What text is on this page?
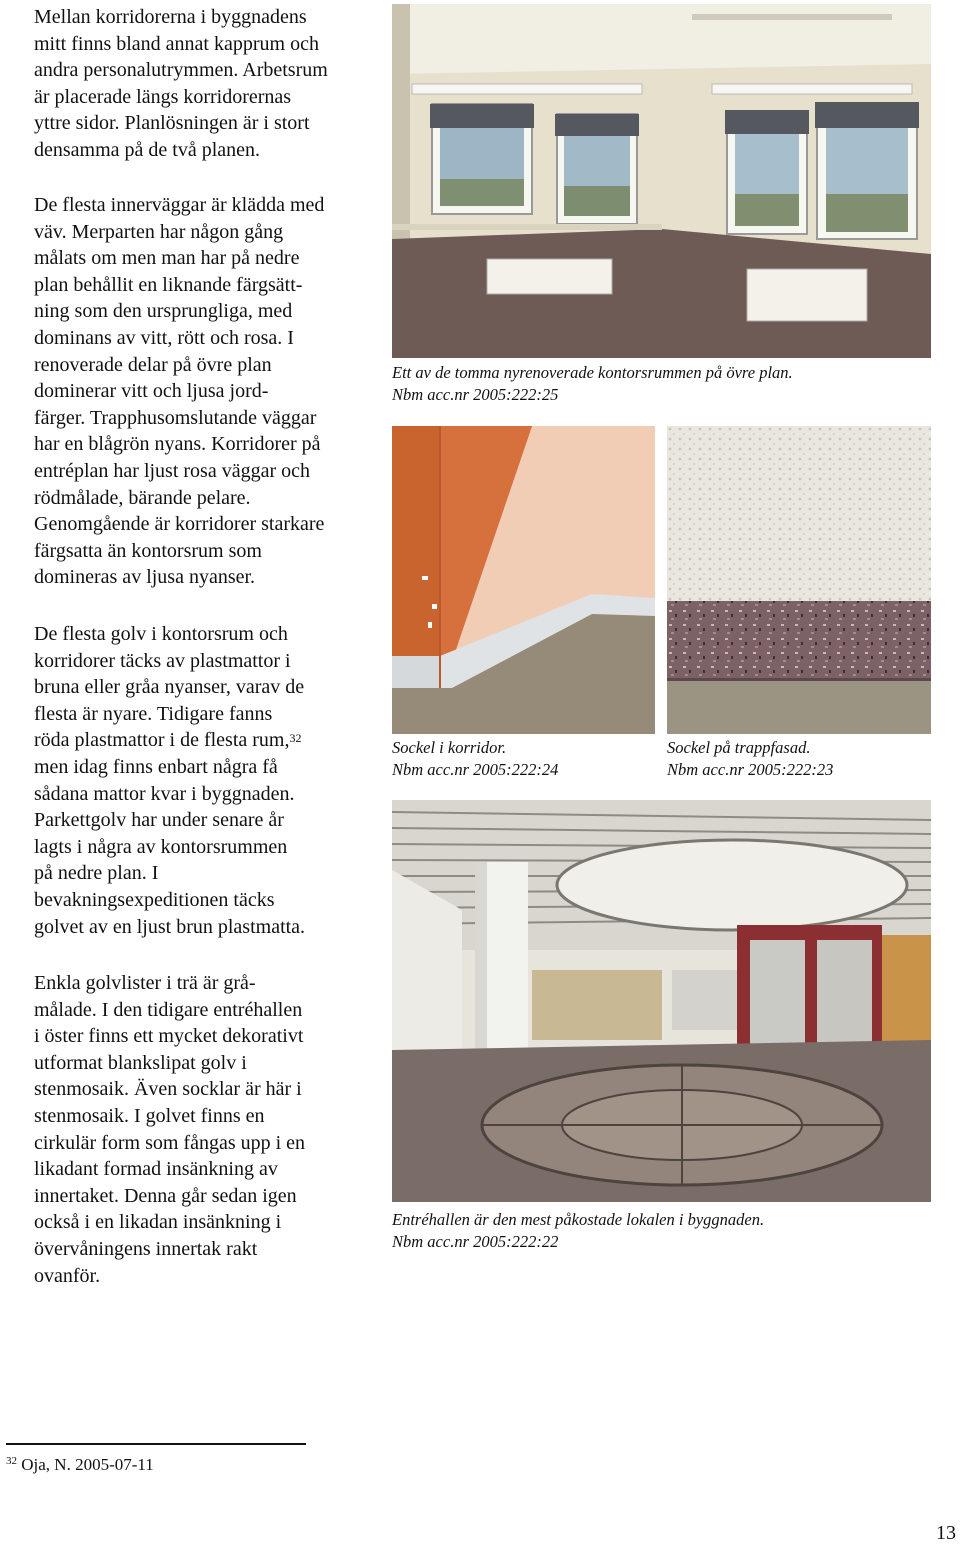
Mellan korridorerna i byggnadens
mitt finns bland annat kapprum och
andra personalutrymmen. Arbetsrum
är placerade längs korridorernas
yttre sidor. Planlösningen är i stort
densamma på de två planen.

De flesta innerväggar är klädda med
väv. Merparten har någon gång
målats om men man har på nedre
plan behållit en liknande färgsätt-
ning som den ursprungliga, med
dominans av vitt, rött och rosa. I
renoverade delar på övre plan
dominerar vitt och ljusa jord-
färger. Trapphusomslutande väggar
har en blågrön nyans. Korridorer på
entréplan har ljust rosa väggar och
rödmålade, bärande pelare.
Genomgående är korridorer starkare
färgsatta än kontorsrum som
domineras av ljusa nyanser.

De flesta golv i kontorsrum och
korridorer täcks av plastmattor i
bruna eller gråa nyanser, varav de
flesta är nyare. Tidigare fanns
röda plastmattor i de flesta rum,$^{32}$
men idag finns enbart några få
sådana mattor kvar i byggnaden.
Parkettgolv har under senare år
lagts i några av kontorsrummen
på nedre plan. I
bevakningsexpeditionen täcks
golvet av en ljust brun plastmatta.

Enkla golvlister i trä är grå-
målade. I den tidigare entréhallen
i öster finns ett mycket dekorativt
utformat blankslipat golv i
stenmosaik. Även socklar är här i
stenmosaik. I golvet finns en
cirkulär form som fångas upp i en
likadant formad insänkning av
innertaket. Denna går sedan igen
också i en likadan insänkning i
övervåningens innertak rakt
ovanför.

Ett av de tomma nyrenoverade kontorsrummen på övre plan.
Nbm acc.nr 2005:222:25
Sockel i korridor.
Nbm acc.nr 2005:222:24
Sockel på trappfasad.
Nbm acc.nr 2005:222:23
Entréhallen är den mest påkostade lokalen i byggnaden.
Nbm acc.nr 2005:222:22
$^{32}$ Oja, N. 2005-07-11
13
